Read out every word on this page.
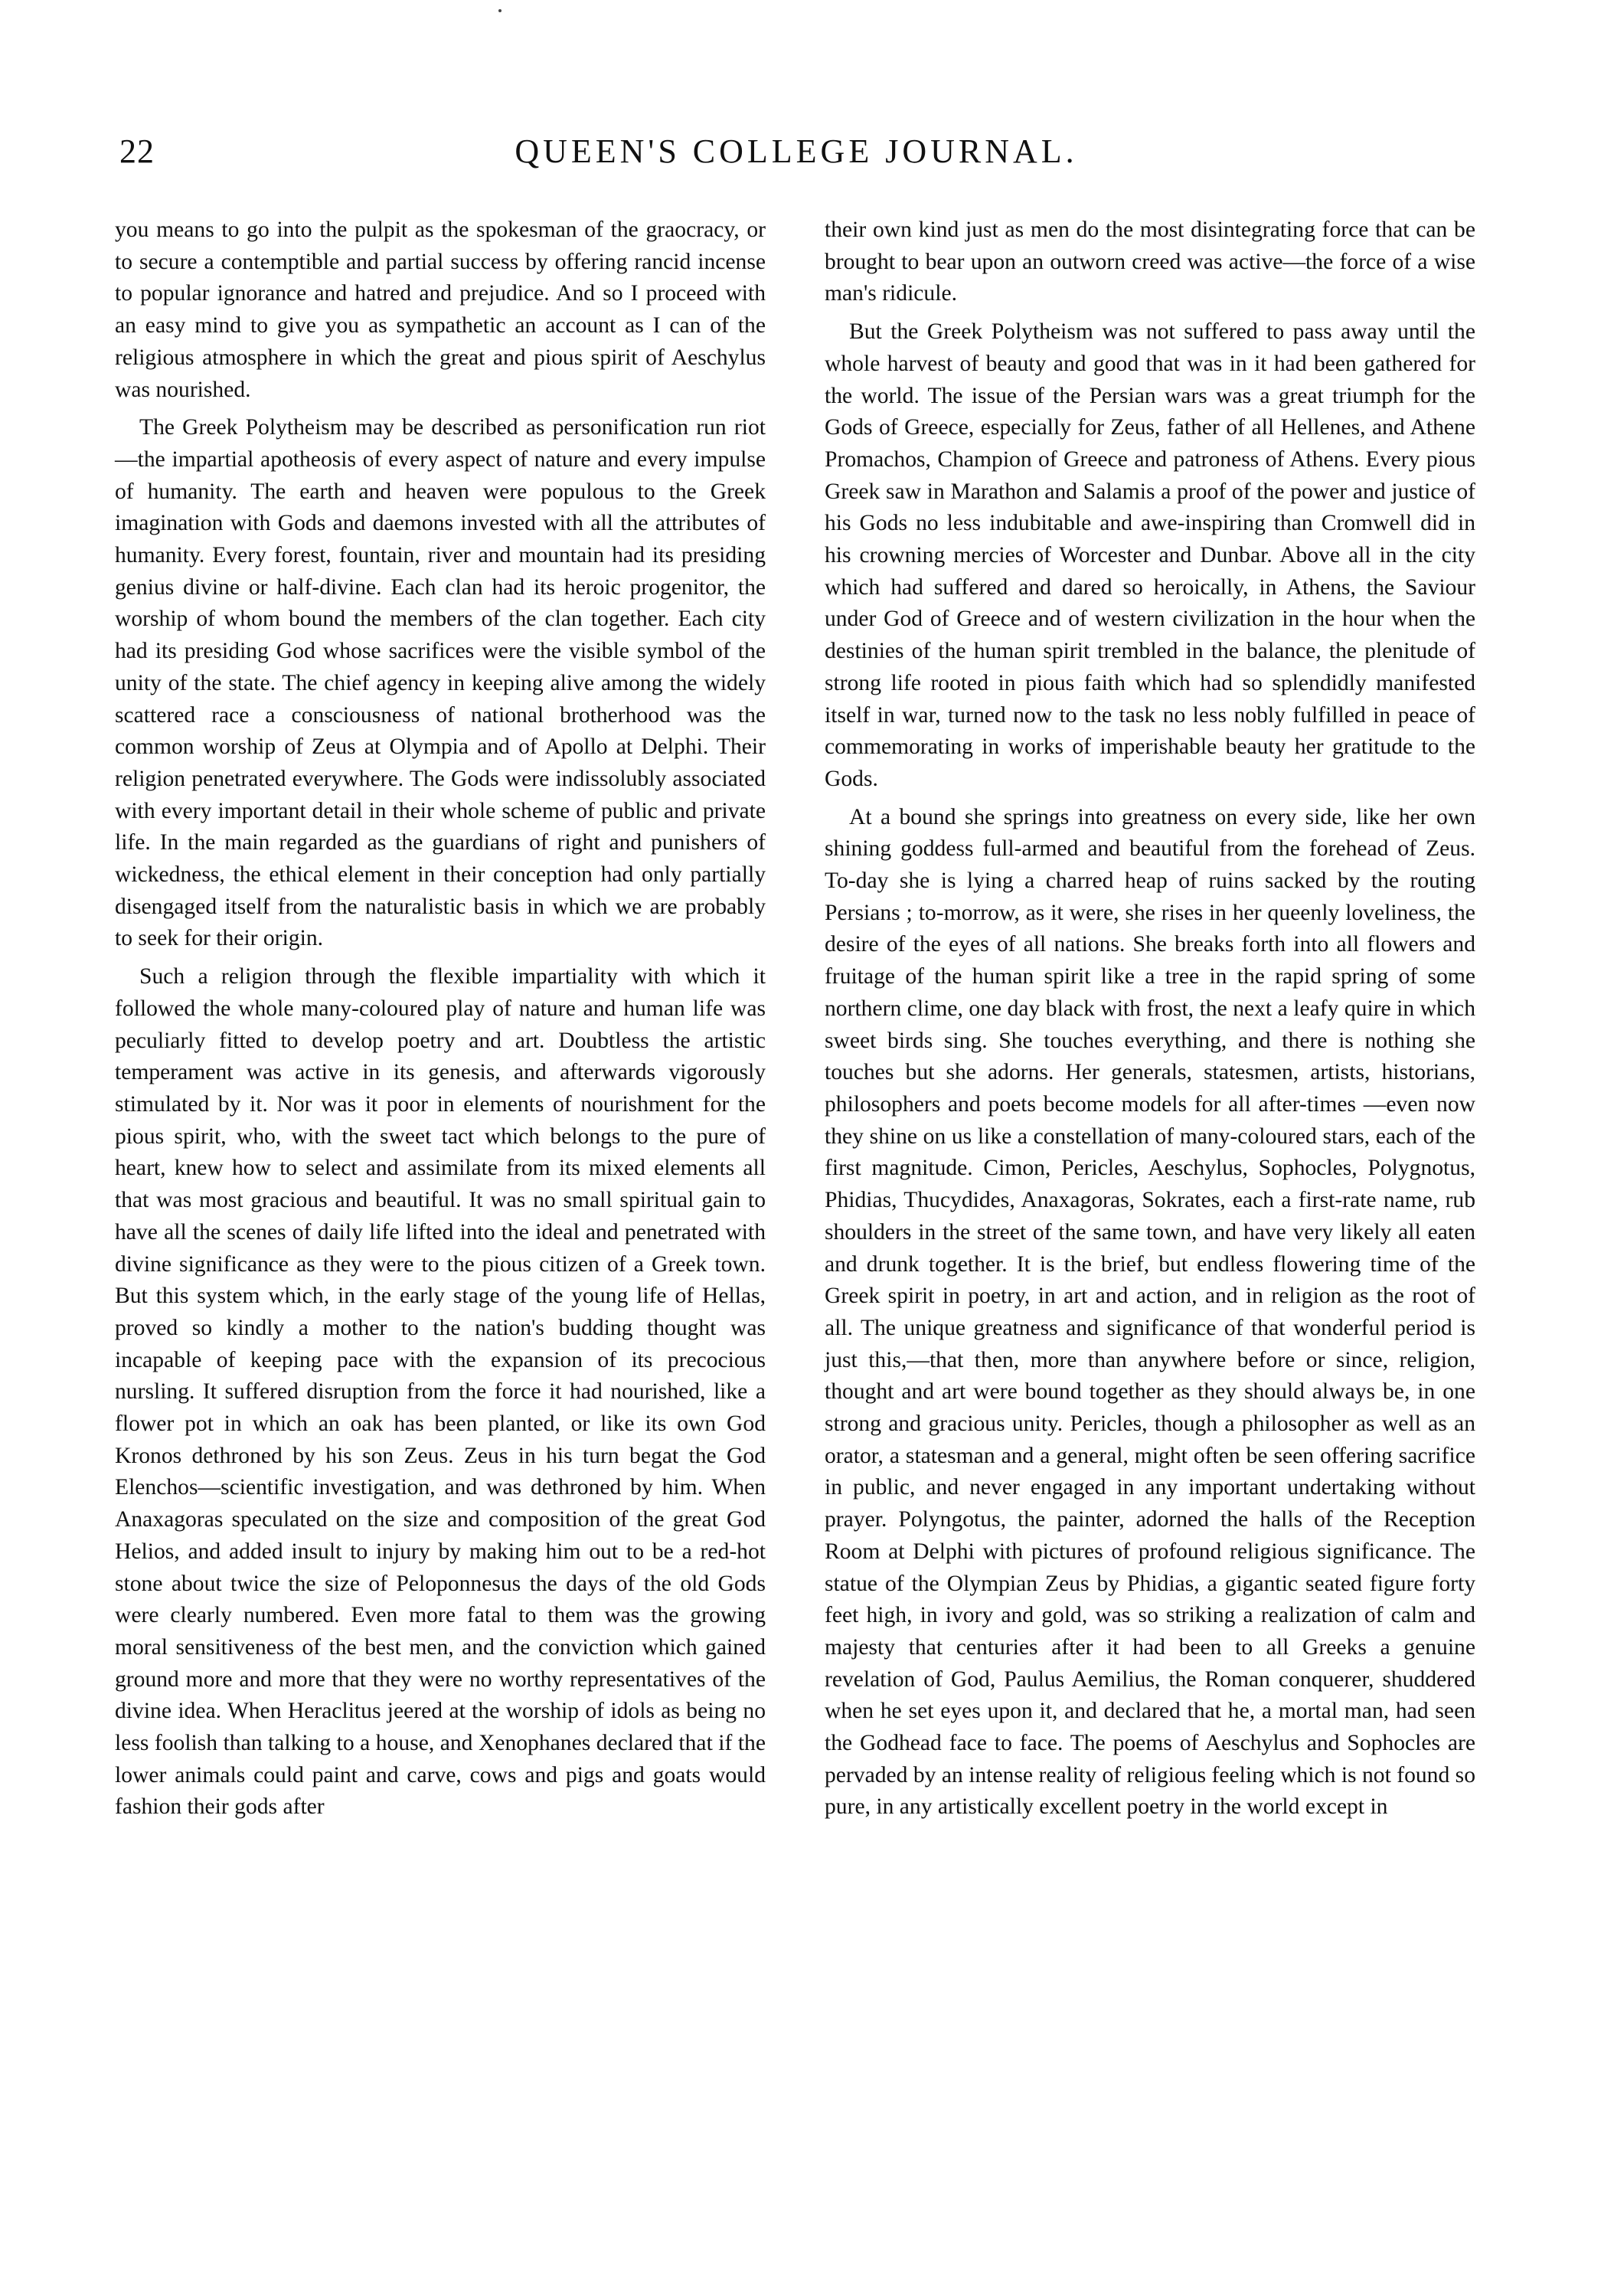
22	QUEEN'S COLLEGE JOURNAL.

you means to go into the pulpit as the spokesman of the graocracy, or to secure a contemptible and partial success by offering rancid incense to popular ignorance and hatred and prejudice. And so I proceed with an easy mind to give you as sympathetic an account as I can of the religious atmosphere in which the great and pious spirit of Aeschylus was nourished.

The Greek Polytheism may be described as personification run riot—the impartial apotheosis of every aspect of nature and every impulse of humanity. The earth and heaven were populous to the Greek imagination with Gods and daemons invested with all the attributes of humanity. Every forest, fountain, river and mountain had its presiding genius divine or half-divine. Each clan had its heroic progenitor, the worship of whom bound the members of the clan together. Each city had its presiding God whose sacrifices were the visible symbol of the unity of the state. The chief agency in keeping alive among the widely scattered race a consciousness of national brotherhood was the common worship of Zeus at Olympia and of Apollo at Delphi. Their religion penetrated everywhere. The Gods were indissolubly associated with every important detail in their whole scheme of public and private life. In the main regarded as the guardians of right and punishers of wickedness, the ethical element in their conception had only partially disengaged itself from the naturalistic basis in which we are probably to seek for their origin.

Such a religion through the flexible impartiality with which it followed the whole many-coloured play of nature and human life was peculiarly fitted to develop poetry and art. Doubtless the artistic temperament was active in its genesis, and afterwards vigorously stimulated by it. Nor was it poor in elements of nourishment for the pious spirit, who, with the sweet tact which belongs to the pure of heart, knew how to select and assimilate from its mixed elements all that was most gracious and beautiful. It was no small spiritual gain to have all the scenes of daily life lifted into the ideal and penetrated with divine significance as they were to the pious citizen of a Greek town. But this system which, in the early stage of the young life of Hellas, proved so kindly a mother to the nation's budding thought was incapable of keeping pace with the expansion of its precocious nursling. It suffered disruption from the force it had nourished, like a flower pot in which an oak has been planted, or like its own God Kronos dethroned by his son Zeus. Zeus in his turn begat the God Elenchos—scientific investigation, and was dethroned by him. When Anaxagoras speculated on the size and composition of the great God Helios, and added insult to injury by making him out to be a red-hot stone about twice the size of Peloponnesus the days of the old Gods were clearly numbered. Even more fatal to them was the growing moral sensitiveness of the best men, and the conviction which gained ground more and more that they were no worthy representatives of the divine idea. When Heraclitus jeered at the worship of idols as being no less foolish than talking to a house, and Xenophanes declared that if the lower animals could paint and carve, cows and pigs and goats would fashion their gods after

their own kind just as men do the most disintegrating force that can be brought to bear upon an outworn creed was active—the force of a wise man's ridicule.

But the Greek Polytheism was not suffered to pass away until the whole harvest of beauty and good that was in it had been gathered for the world. The issue of the Persian wars was a great triumph for the Gods of Greece, especially for Zeus, father of all Hellenes, and Athene Promachos, Champion of Greece and patroness of Athens. Every pious Greek saw in Marathon and Salamis a proof of the power and justice of his Gods no less indubitable and awe-inspiring than Cromwell did in his crowning mercies of Worcester and Dunbar. Above all in the city which had suffered and dared so heroically, in Athens, the Saviour under God of Greece and of western civilization in the hour when the destinies of the human spirit trembled in the balance, the plenitude of strong life rooted in pious faith which had so splendidly manifested itself in war, turned now to the task no less nobly fulfilled in peace of commemorating in works of imperishable beauty her gratitude to the Gods.

At a bound she springs into greatness on every side, like her own shining goddess full-armed and beautiful from the forehead of Zeus. To-day she is lying a charred heap of ruins sacked by the routing Persians ; to-morrow, as it were, she rises in her queenly loveliness, the desire of the eyes of all nations. She breaks forth into all flowers and fruitage of the human spirit like a tree in the rapid spring of some northern clime, one day black with frost, the next a leafy quire in which sweet birds sing. She touches everything, and there is nothing she touches but she adorns. Her generals, statesmen, artists, historians, philosophers and poets become models for all after-times —even now they shine on us like a constellation of many-coloured stars, each of the first magnitude. Cimon, Pericles, Aeschylus, Sophocles, Polygnotus, Phidias, Thucydides, Anaxagoras, Sokrates, each a first-rate name, rub shoulders in the street of the same town, and have very likely all eaten and drunk together. It is the brief, but endless flowering time of the Greek spirit in poetry, in art and action, and in religion as the root of all. The unique greatness and significance of that wonderful period is just this,—that then, more than anywhere before or since, religion, thought and art were bound together as they should always be, in one strong and gracious unity. Pericles, though a philosopher as well as an orator, a statesman and a general, might often be seen offering sacrifice in public, and never engaged in any important undertaking without prayer. Polyngotus, the painter, adorned the halls of the Reception Room at Delphi with pictures of profound religious significance. The statue of the Olympian Zeus by Phidias, a gigantic seated figure forty feet high, in ivory and gold, was so striking a realization of calm and majesty that centuries after it had been to all Greeks a genuine revelation of God, Paulus Aemilius, the Roman conquerer, shuddered when he set eyes upon it, and declared that he, a mortal man, had seen the Godhead face to face. The poems of Aeschylus and Sophocles are pervaded by an intense reality of religious feeling which is not found so pure, in any artistically excellent poetry in the world except in
